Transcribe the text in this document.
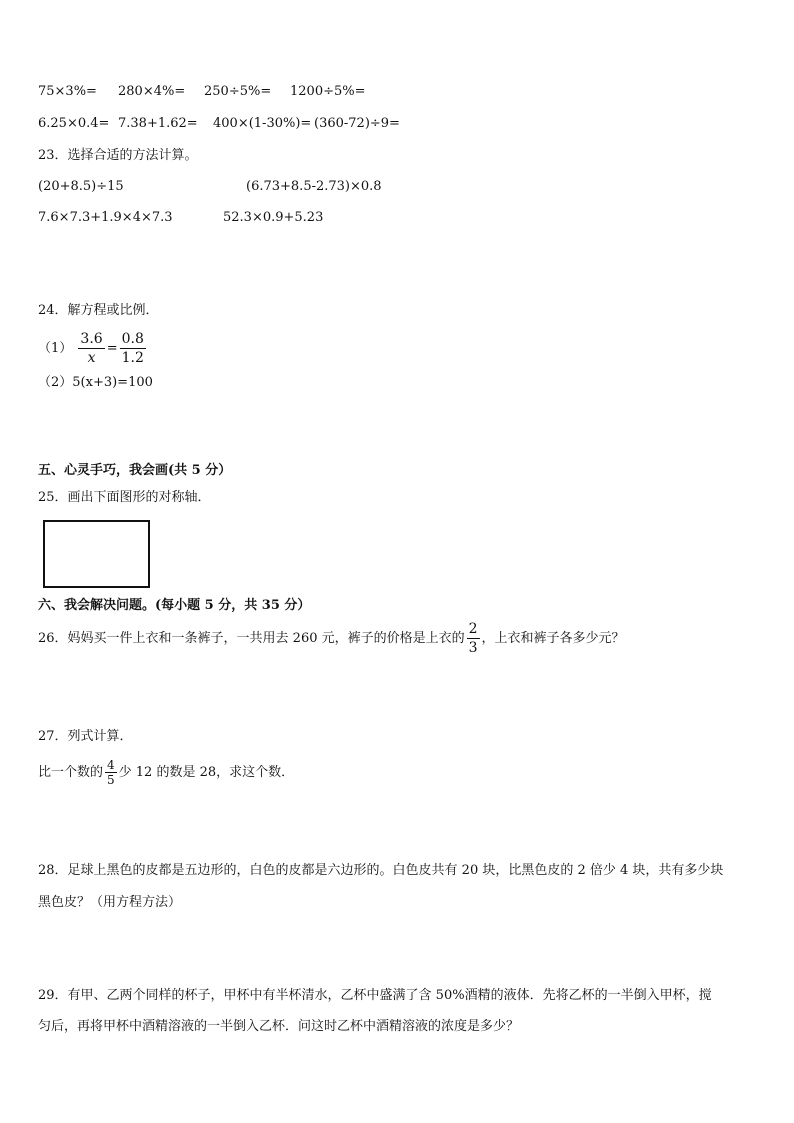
75×3%= 280×4%= 250÷5%= 1200÷5%=
6.25×0.4= 7.38+1.62= 400×(1-30%)= (360-72)÷9=
23．选择合适的方法计算。
(20+8.5)÷15	(6.73+8.5-2.73)×0.8
7.6×7.3+1.9×4×7.3	52.3×0.9+5.23
24．解方程或比例．
$(1) \frac{3.6}{x} = \frac{0.8}{1.2}$
（2）5(x+3)=100
五、心灵手巧，我会画(共 5 分）
25．画出下面图形的对称轴．
六、我会解决问题。(每小题 5 分，共 35 分）
26．妈妈买一件上衣和一条裤子，一共用去 260 元，裤子的价格是上衣的 $\frac{2}{3}$ ，上衣和裤子各多少元？
27．列式计算．
比一个数的 $\frac{4}{5}$ 少 12 的数是 28，求这个数．
28．足球上黑色的皮都是五边形的，白色的皮都是六边形的。白色皮共有 20 块，比黑色皮的 2 倍少 4 块，共有多少块
黑色皮？（用方程方法）
29．有甲、乙两个同样的杯子，甲杯中有半杯清水，乙杯中盛满了含 50%酒精的液体．先将乙杯的一半倒入甲杯，搅
匀后，再将甲杯中酒精溶液的一半倒入乙杯．问这时乙杯中酒精溶液的浓度是多少？
